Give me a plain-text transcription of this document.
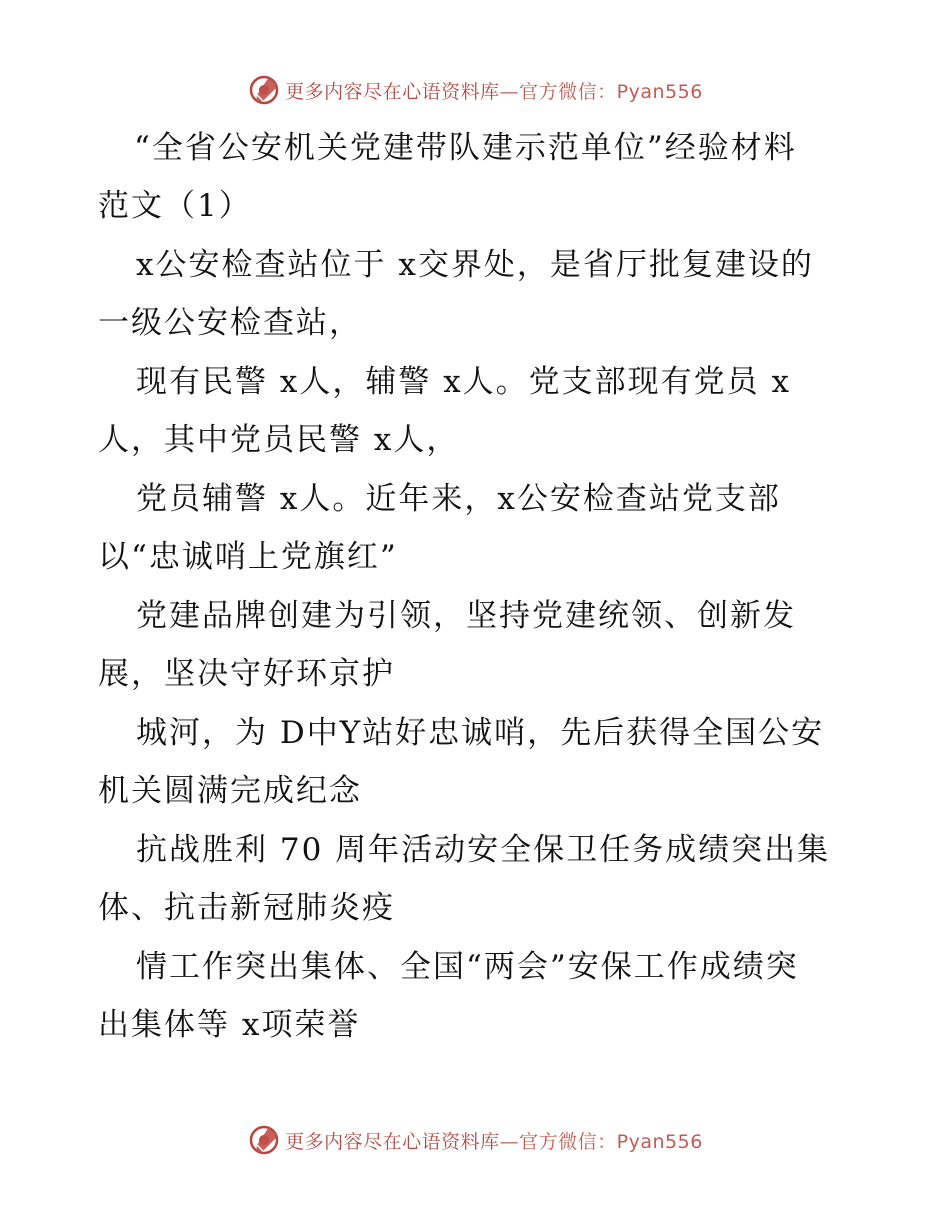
更多内容尽在心语资料库—官方微信：Pyan556
“全省公安机关党建带队建示范单位”经验材料
范文（1）
x公安检查站位于 x交界处，是省厅批复建设的
一级公安检查站，
现有民警 x人，辅警 x人。党支部现有党员 x
人，其中党员民警 x人，
党员辅警 x人。近年来，x公安检查站党支部
以“忠诚哨上党旗红”
党建品牌创建为引领，坚持党建统领、创新发
展，坚决守好环京护
城河，为 D中Y站好忠诚哨，先后获得全国公安
机关圆满完成纪念
抗战胜利 70 周年活动安全保卫任务成绩突出集
体、抗击新冠肺炎疫
情工作突出集体、全国“两会”安保工作成绩突
出集体等 x项荣誉
更多内容尽在心语资料库—官方微信：Pyan556
